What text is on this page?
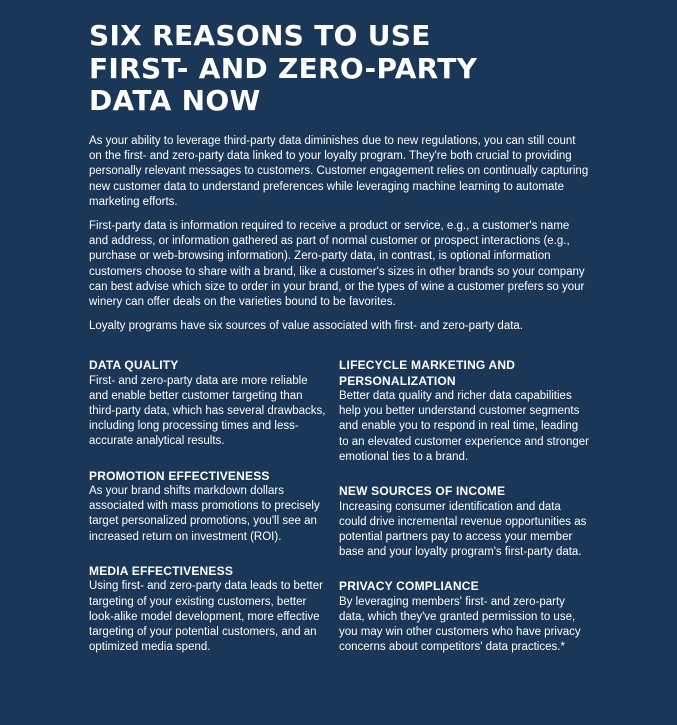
SIX REASONS TO USE
FIRST- AND ZERO-PARTY
DATA NOW

As your ability to leverage third-party data diminishes due to new regulations, you can still count on the first- and zero-party data linked to your loyalty program. They're both crucial to providing personally relevant messages to customers. Customer engagement relies on continually capturing new customer data to understand preferences while leveraging machine learning to automate marketing efforts.

First-party data is information required to receive a product or service, e.g., a customer's name and address, or information gathered as part of normal customer or prospect interactions (e.g., purchase or web-browsing information). Zero-party data, in contrast, is optional information customers choose to share with a brand, like a customer's sizes in other brands so your company can best advise which size to order in your brand, or the types of wine a customer prefers so your winery can offer deals on the varieties bound to be favorites.

Loyalty programs have six sources of value associated with first- and zero-party data.

DATA QUALITY

First- and zero-party data are more reliable and enable better customer targeting than third-party data, which has several drawbacks, including long processing times and less-accurate analytical results.

PROMOTION EFFECTIVENESS

As your brand shifts markdown dollars associated with mass promotions to precisely target personalized promotions, you'll see an increased return on investment (ROI).

MEDIA EFFECTIVENESS

Using first- and zero-party data leads to better targeting of your existing customers, better look-alike model development, more effective targeting of your potential customers, and an optimized media spend.

LIFECYCLE MARKETING AND PERSONALIZATION

Better data quality and richer data capabilities help you better understand customer segments and enable you to respond in real time, leading to an elevated customer experience and stronger emotional ties to a brand.

NEW SOURCES OF INCOME

Increasing consumer identification and data could drive incremental revenue opportunities as potential partners pay to access your member base and your loyalty program's first-party data.

PRIVACY COMPLIANCE

By leveraging members' first- and zero-party data, which they've granted permission to use, you may win other customers who have privacy concerns about competitors' data practices.*
